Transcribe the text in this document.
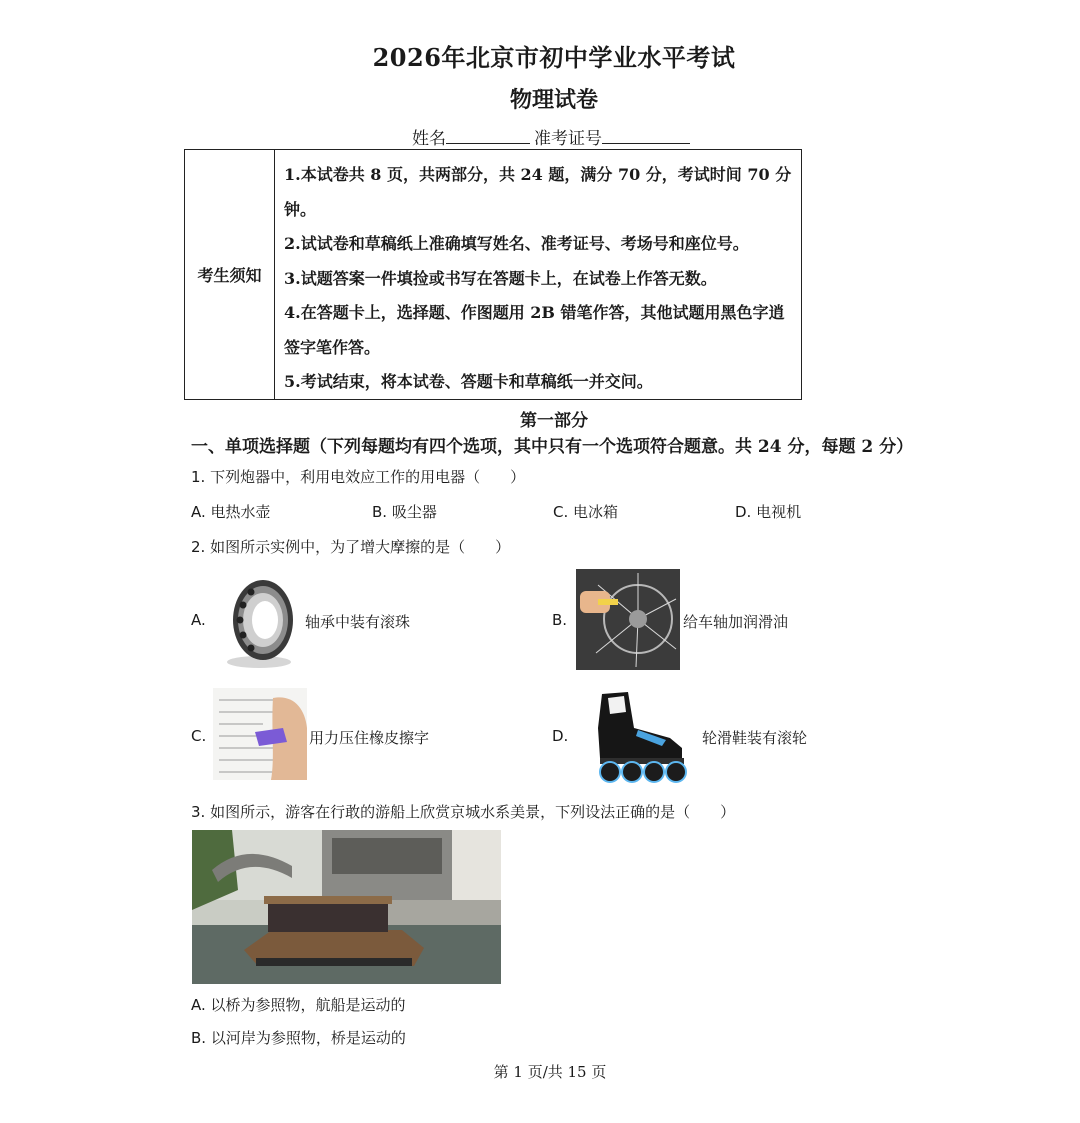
2026年北京市初中学业水平考试
物理试卷
姓名	准考证号
考生须知
1.本试卷共 8 页，共两部分，共 24 题，满分 70 分，考试时间 70 分钟。
2.试试卷和草稿纸上准确填写姓名、准考证号、考场号和座位号。
3.试题答案一件填捡或书写在答题卡上，在试卷上作答无数。
4.在答题卡上，选择题、作图题用 2B 错笔作答，其他试题用黑色字逍签字笔作答。
5.考试结束，将本试卷、答题卡和草稿纸一并交问。
第一部分
一、单项选择题（下列每题均有四个选项，其中只有一个选项符合题意。共 24 分，每题 2 分）
1. 下列炮器中，利用电效应工作的用电器（　　）
A. 电热水壶	B. 吸尘器	C. 电冰箱	D. 电视机
2. 如图所示实例中，为了增大摩擦的是（　　）
A.	轴承中装有滚珠	B.	给车轴加润滑油
C.	用力压住橡皮擦字	D.	轮滑鞋装有滚轮
3. 如图所示，游客在行敢的游船上欣赏京城水系美景，下列设法正确的是（　　）
A. 以桥为参照物，航船是运动的
B. 以河岸为参照物，桥是运动的
第 1 页/共 15 页
